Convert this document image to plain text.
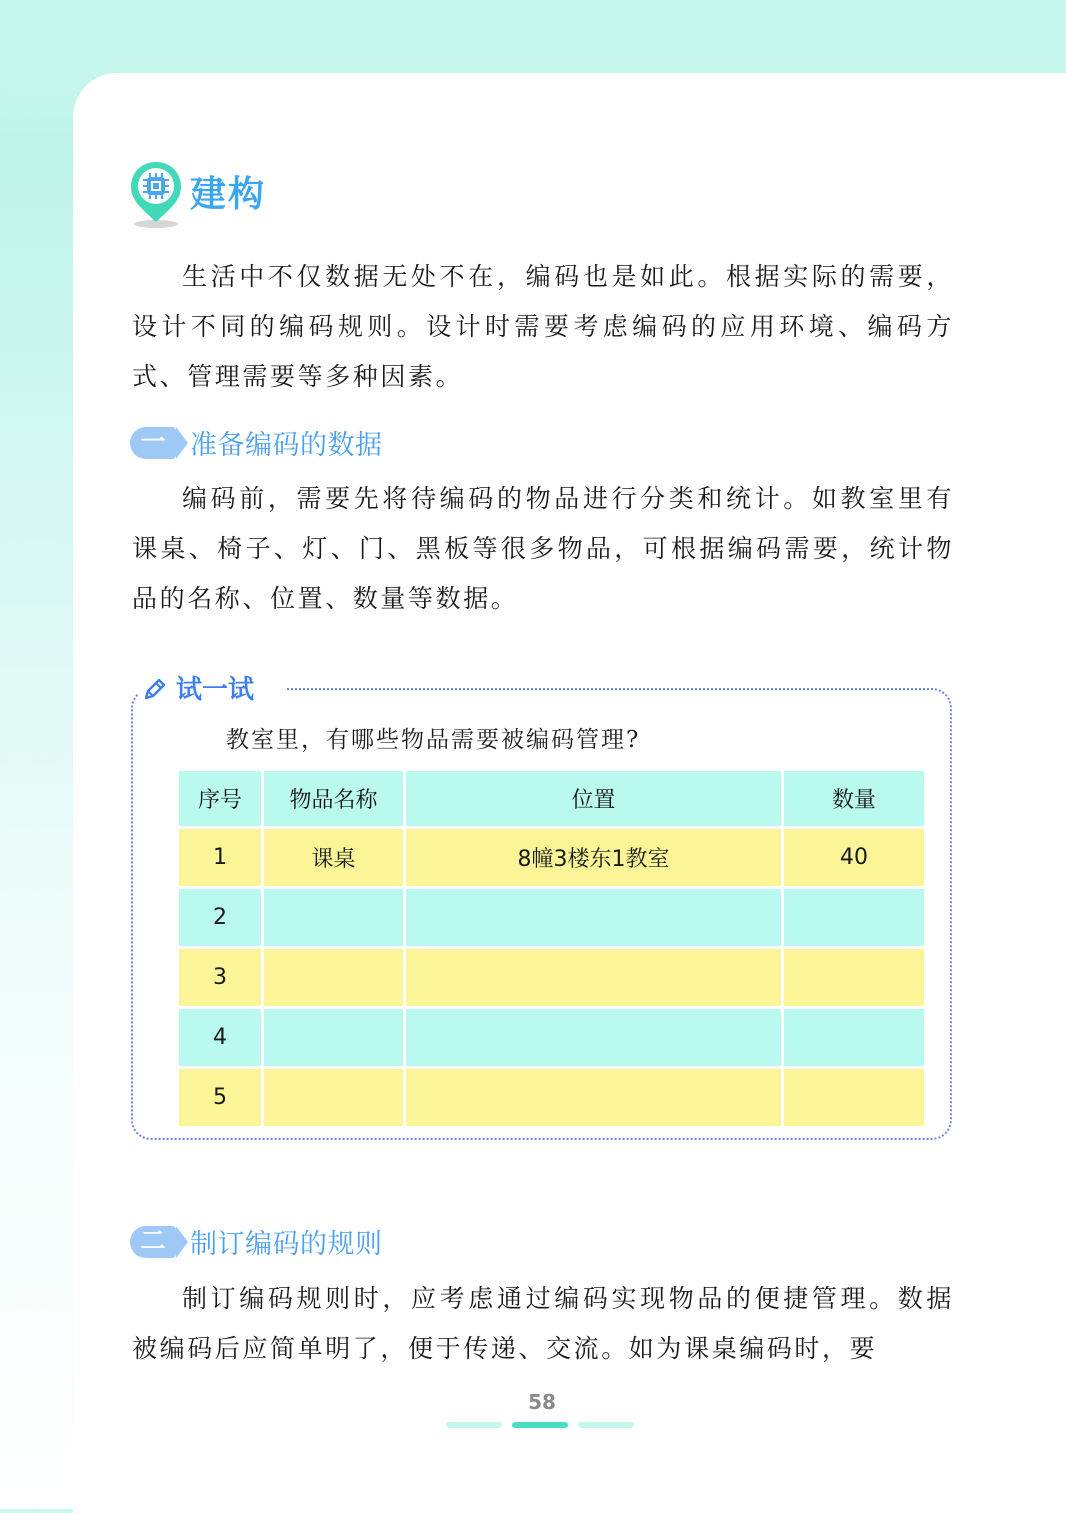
建构

生活中不仅数据无处不在，编码也是如此。根据实际的需要，设计不同的编码规则。设计时需要考虑编码的应用环境、编码方式、管理需要等多种因素。

一 准备编码的数据

编码前，需要先将待编码的物品进行分类和统计。如教室里有课桌、椅子、灯、门、黑板等很多物品，可根据编码需要，统计物品的名称、位置、数量等数据。

试一试
教室里，有哪些物品需要被编码管理?
序号	物品名称	位置	数量
1	课桌	8幢3楼东1教室	40
2			
3			
4			
5			
二 制订编码的规则

制订编码规则时，应考虑通过编码实现物品的便捷管理。数据被编码后应简单明了，便于传递、交流。如为课桌编码时，要

58
